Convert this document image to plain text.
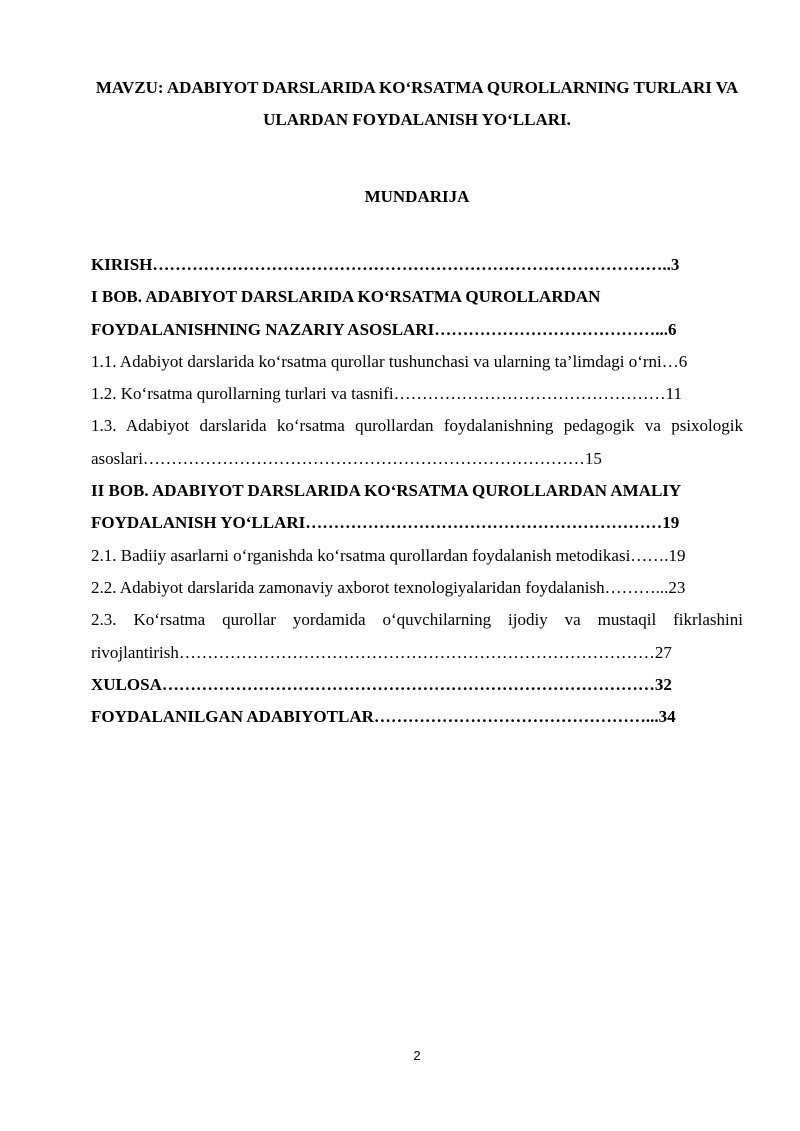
MAVZU: ADABIYOT DARSLARIDA KO‘RSATMA QUROLLARNING TURLARI VA ULARDAN FOYDALANISH YO‘LLARI.
MUNDARIJA

KIRISH………………………………………………………………………………..3

I BOB. ADABIYOT DARSLARIDA KO‘RSATMA QUROLLARDAN FOYDALANISHNING NAZARIY ASOSLARI…………………………………...6

1.1. Adabiyot darslarida ko‘rsatma qurollar tushunchasi va ularning ta’limdagi o‘rni…6

1.2. Ko‘rsatma qurollarning turlari va tasnifi…………………………………………11

1.3. Adabiyot darslarida ko‘rsatma qurollardan foydalanishning pedagogik va psixologik asoslari……………………………………………………………………15

II BOB. ADABIYOT DARSLARIDA KO‘RSATMA QUROLLARDAN AMALIY FOYDALANISH YO‘LLARI………………………………………………………19

2.1. Badiiy asarlarni o‘rganishda ko‘rsatma qurollardan foydalanish metodikasi…….19

2.2. Adabiyot darslarida zamonaviy axborot texnologiyalaridan foydalanish………...23

2.3. Ko‘rsatma qurollar yordamida o‘quvchilarning ijodiy va mustaqil fikrlashini rivojlantirish…………………………………………………………………………27

XULOSA……………………………………………………………………………32

FOYDALANILGAN ADABIYOTLAR…………………………………………...34

2
